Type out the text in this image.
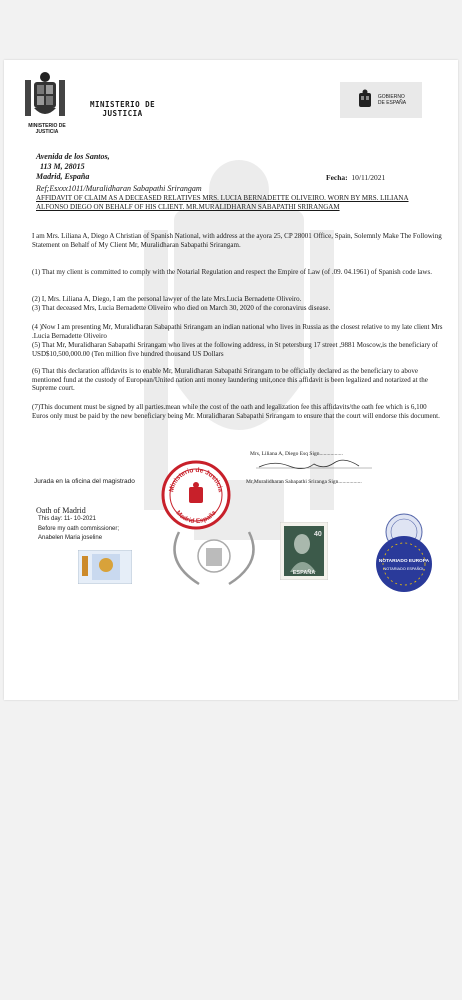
MINISTERIO DE
JUSTICIA
MINISTERIO DE
JUSTICIA
GOBIERNO
DE ESPAÑA
Avenida de los Santos,
113 M, 28015
Madrid, España	Fecha: 10/11/2021
Ref;Esxxx1011/Muralidharan Sabapathi Srirangam
AFFIDAVIT OF CLAIM AS A DECEASED RELATIVES MRS. LUCIA BERNADETTE OLIVEIRO. WORN BY MRS. LILIANA ALFONSO DIEGO ON BEHALF OF HIS CLIENT. MR.MURALIDHARAN SABAPATHI SRIRANGAM
I am Mrs. Liliana A, Diego A Christian of Spanish National, with address at the ayora 25, CP 28001 Office, Spain, Solemnly Make The Following Statement on Behalf of My Client Mr, Muralidharan Sabapathi Srirangam.
(1) That my client is committed to comply with the Notarial Regulation and respect the Empire of Law (of .09. 04.1961) of Spanish code laws.
(2) I, Mrs. Liliana A, Diego, I am the personal lawyer of the late Mrs.Lucia Bernadette Oliveiro.
(3) That deceased Mrs, Lucia Bernadette Oliveiro who died on March 30, 2020 of the coronavirus disease.
(4 )Now I am presenting Mr, Muralidharan Sabapathi Srirangam an indian national who lives in Russia as the closest relative to my late client Mrs .Lucia Bernadette Oliveiro
(5) That Mr, Muralidharan Sabapathi Srirangam who lives at the following address, in St petersburg 17 street ,9881 Moscow,is the beneficiary of USD$10,500,000.00 (Ten million five hundred thousand US Dollars
(6) That this declaration affidavits is to enable Mr, Muralidharan Sabapathi Srirangam to be officially declared as the beneficiary to above mentioned fund at the custody of European/United nation anti money laundering unit,once this affidavit is been legalized and notarized at the Supreme court.
(7)This document must be signed by all parties.mean while the cost of the oath and legalization fee this affidavits/the oath fee which is 6,100 Euros only must be paid by the new beneficiary being Mr. Muralidharan Sabapathi Srirangam to ensure that the court will endorse this document.
Mrs, Liliana A, Diego Esq Sign.................
Mr,Muralidharan Sabapathi Sriranga Sign.................
Jurada en la oficina del magistrado
Oath of Madrid
This day: 11- 10-2021
Before my oath commissioner;
Anabelen Maria joseline
Ministerio de Justicia
Madrid-España
40
ESPAÑA
NOTARIADO EUROPA
NOTARIADO ESPAÑOL
